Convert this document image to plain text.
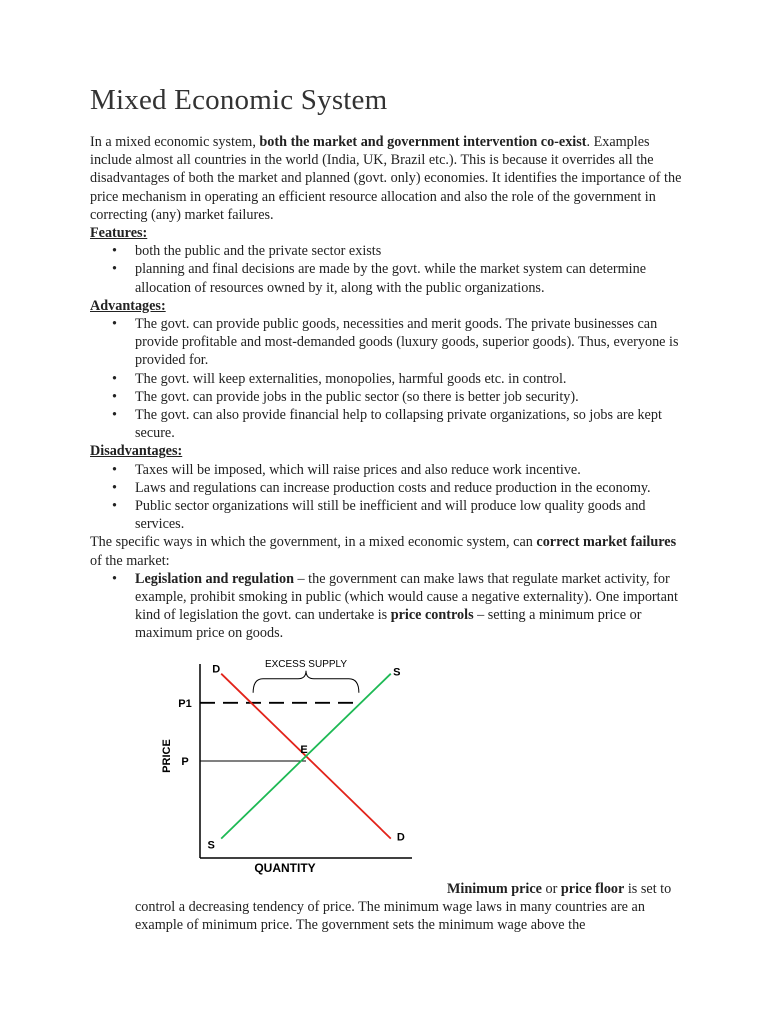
Mixed Economic System

In a mixed economic system, both the market and government intervention co-exist. Examples include almost all countries in the world (India, UK, Brazil etc.). This is because it overrides all the disadvantages of both the market and planned (govt. only) economies. It identifies the importance of the price mechanism in operating an efficient resource allocation and also the role of the government in correcting (any) market failures.

Features:

• both the public and the private sector exists
• planning and final decisions are made by the govt. while the market system can determine allocation of resources owned by it, along with the public organizations.

Advantages:

• The govt. can provide public goods, necessities and merit goods. The private businesses can provide profitable and most-demanded goods (luxury goods, superior goods). Thus, everyone is provided for.
• The govt. will keep externalities, monopolies, harmful goods etc. in control.
• The govt. can provide jobs in the public sector (so there is better job security).
• The govt. can also provide financial help to collapsing private organizations, so jobs are kept secure.

Disadvantages:

• Taxes will be imposed, which will raise prices and also reduce work incentive.
• Laws and regulations can increase production costs and reduce production in the economy.
• Public sector organizations will still be inefficient and will produce low quality goods and services.

The specific ways in which the government, in a mixed economic system, can correct market failures of the market:

• Legislation and regulation – the government can make laws that regulate market activity, for example, prohibit smoking in public (which would cause a negative externality). One important kind of legislation the govt. can undertake is price controls – setting a minimum price or maximum price on goods.
EXCESS SUPPLY
P1
P
E
D
D
S
S
QUANTITY
PRICE
Minimum price or price floor is set to control a decreasing tendency of price. The minimum wage laws in many countries are an example of minimum price. The government sets the minimum wage above the
